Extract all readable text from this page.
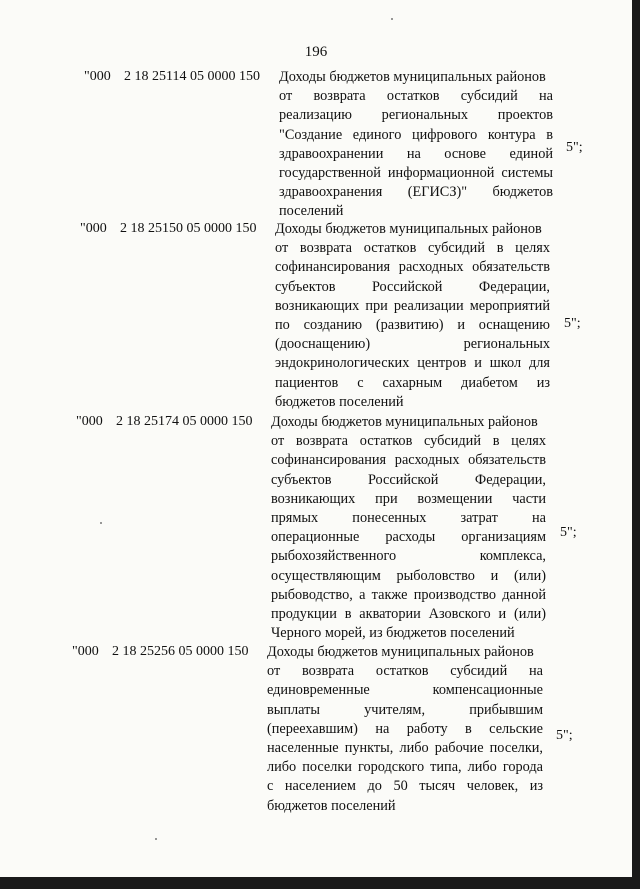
196
"000 2 18 25114 05 0000 150 Доходы бюджетов муниципальных районов
от возврата остатков субсидий на
реализацию региональных проектов
"Создание единого цифрового контура в
здравоохранении на основе единой
государственной информационной системы
здравоохранения (ЕГИСЗ)" бюджетов
поселений
5";
"000 2 18 25150 05 0000 150 Доходы бюджетов муниципальных районов
от возврата остатков субсидий в целях
софинансирования расходных обязательств
субъектов Российской Федерации,
возникающих при реализации мероприятий
по созданию (развитию) и оснащению
(дооснащению) региональных
эндокринологических центров и школ для
пациентов с сахарным диабетом из
бюджетов поселений
5";
"000 2 18 25174 05 0000 150 Доходы бюджетов муниципальных районов
от возврата остатков субсидий в целях
софинансирования расходных обязательств
субъектов Российской Федерации,
возникающих при возмещении части
прямых понесенных затрат на
операционные расходы организациям
рыбохозяйственного комплекса,
осуществляющим рыболовство и (или)
рыбоводство, а также производство данной
продукции в акватории Азовского и (или)
Черного морей, из бюджетов поселений
5";
"000 2 18 25256 05 0000 150 Доходы бюджетов муниципальных районов
от возврата остатков субсидий на
единовременные компенсационные
выплаты учителям, прибывшим
(переехавшим) на работу в сельские
населенные пункты, либо рабочие поселки,
либо поселки городского типа, либо города
с населением до 50 тысяч человек, из
бюджетов поселений
5";
